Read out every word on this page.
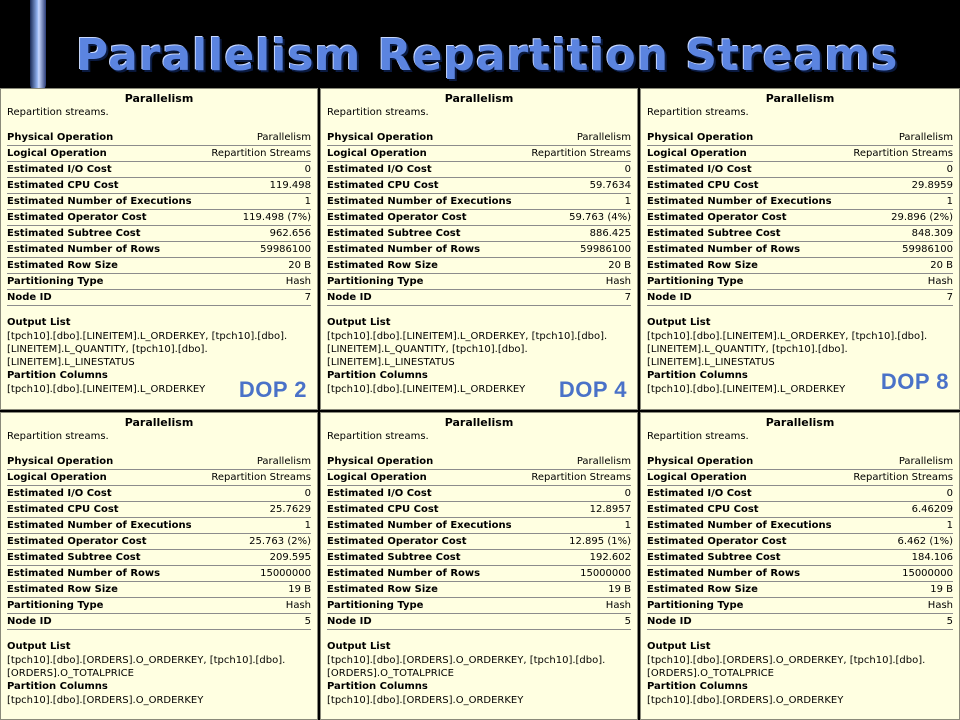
Parallelism Repartition Streams
Parallelism
Repartition streams.
Physical Operation	Parallelism
Logical Operation	Repartition Streams
Estimated I/O Cost	0
Estimated CPU Cost	119.498
Estimated Number of Executions	1
Estimated Operator Cost	119.498 (7%)
Estimated Subtree Cost	962.656
Estimated Number of Rows	59986100
Estimated Row Size	20 B
Partitioning Type	Hash
Node ID	7
Output List
[tpch10].[dbo].[LINEITEM].L_ORDERKEY, [tpch10].[dbo].[LINEITEM].L_QUANTITY, [tpch10].[dbo].[LINEITEM].L_LINESTATUS
Partition Columns
[tpch10].[dbo].[LINEITEM].L_ORDERKEY	DOP 2
Parallelism
Repartition streams.
Physical Operation	Parallelism
Logical Operation	Repartition Streams
Estimated I/O Cost	0
Estimated CPU Cost	59.7634
Estimated Number of Executions	1
Estimated Operator Cost	59.763 (4%)
Estimated Subtree Cost	886.425
Estimated Number of Rows	59986100
Estimated Row Size	20 B
Partitioning Type	Hash
Node ID	7
Output List
[tpch10].[dbo].[LINEITEM].L_ORDERKEY, [tpch10].[dbo].[LINEITEM].L_QUANTITY, [tpch10].[dbo].[LINEITEM].L_LINESTATUS
Partition Columns
[tpch10].[dbo].[LINEITEM].L_ORDERKEY	DOP 4
Parallelism
Repartition streams.
Physical Operation	Parallelism
Logical Operation	Repartition Streams
Estimated I/O Cost	0
Estimated CPU Cost	29.8959
Estimated Number of Executions	1
Estimated Operator Cost	29.896 (2%)
Estimated Subtree Cost	848.309
Estimated Number of Rows	59986100
Estimated Row Size	20 B
Partitioning Type	Hash
Node ID	7
Output List
[tpch10].[dbo].[LINEITEM].L_ORDERKEY, [tpch10].[dbo].[LINEITEM].L_QUANTITY, [tpch10].[dbo].[LINEITEM].L_LINESTATUS
Partition Columns
[tpch10].[dbo].[LINEITEM].L_ORDERKEY	DOP 8
Parallelism
Repartition streams.
Physical Operation	Parallelism
Logical Operation	Repartition Streams
Estimated I/O Cost	0
Estimated CPU Cost	25.7629
Estimated Number of Executions	1
Estimated Operator Cost	25.763 (2%)
Estimated Subtree Cost	209.595
Estimated Number of Rows	15000000
Estimated Row Size	19 B
Partitioning Type	Hash
Node ID	5
Output List
[tpch10].[dbo].[ORDERS].O_ORDERKEY, [tpch10].[dbo].[ORDERS].O_TOTALPRICE
Partition Columns
[tpch10].[dbo].[ORDERS].O_ORDERKEY
Parallelism
Repartition streams.
Physical Operation	Parallelism
Logical Operation	Repartition Streams
Estimated I/O Cost	0
Estimated CPU Cost	12.8957
Estimated Number of Executions	1
Estimated Operator Cost	12.895 (1%)
Estimated Subtree Cost	192.602
Estimated Number of Rows	15000000
Estimated Row Size	19 B
Partitioning Type	Hash
Node ID	5
Output List
[tpch10].[dbo].[ORDERS].O_ORDERKEY, [tpch10].[dbo].[ORDERS].O_TOTALPRICE
Partition Columns
[tpch10].[dbo].[ORDERS].O_ORDERKEY
Parallelism
Repartition streams.
Physical Operation	Parallelism
Logical Operation	Repartition Streams
Estimated I/O Cost	0
Estimated CPU Cost	6.46209
Estimated Number of Executions	1
Estimated Operator Cost	6.462 (1%)
Estimated Subtree Cost	184.106
Estimated Number of Rows	15000000
Estimated Row Size	19 B
Partitioning Type	Hash
Node ID	5
Output List
[tpch10].[dbo].[ORDERS].O_ORDERKEY, [tpch10].[dbo].[ORDERS].O_TOTALPRICE
Partition Columns
[tpch10].[dbo].[ORDERS].O_ORDERKEY
